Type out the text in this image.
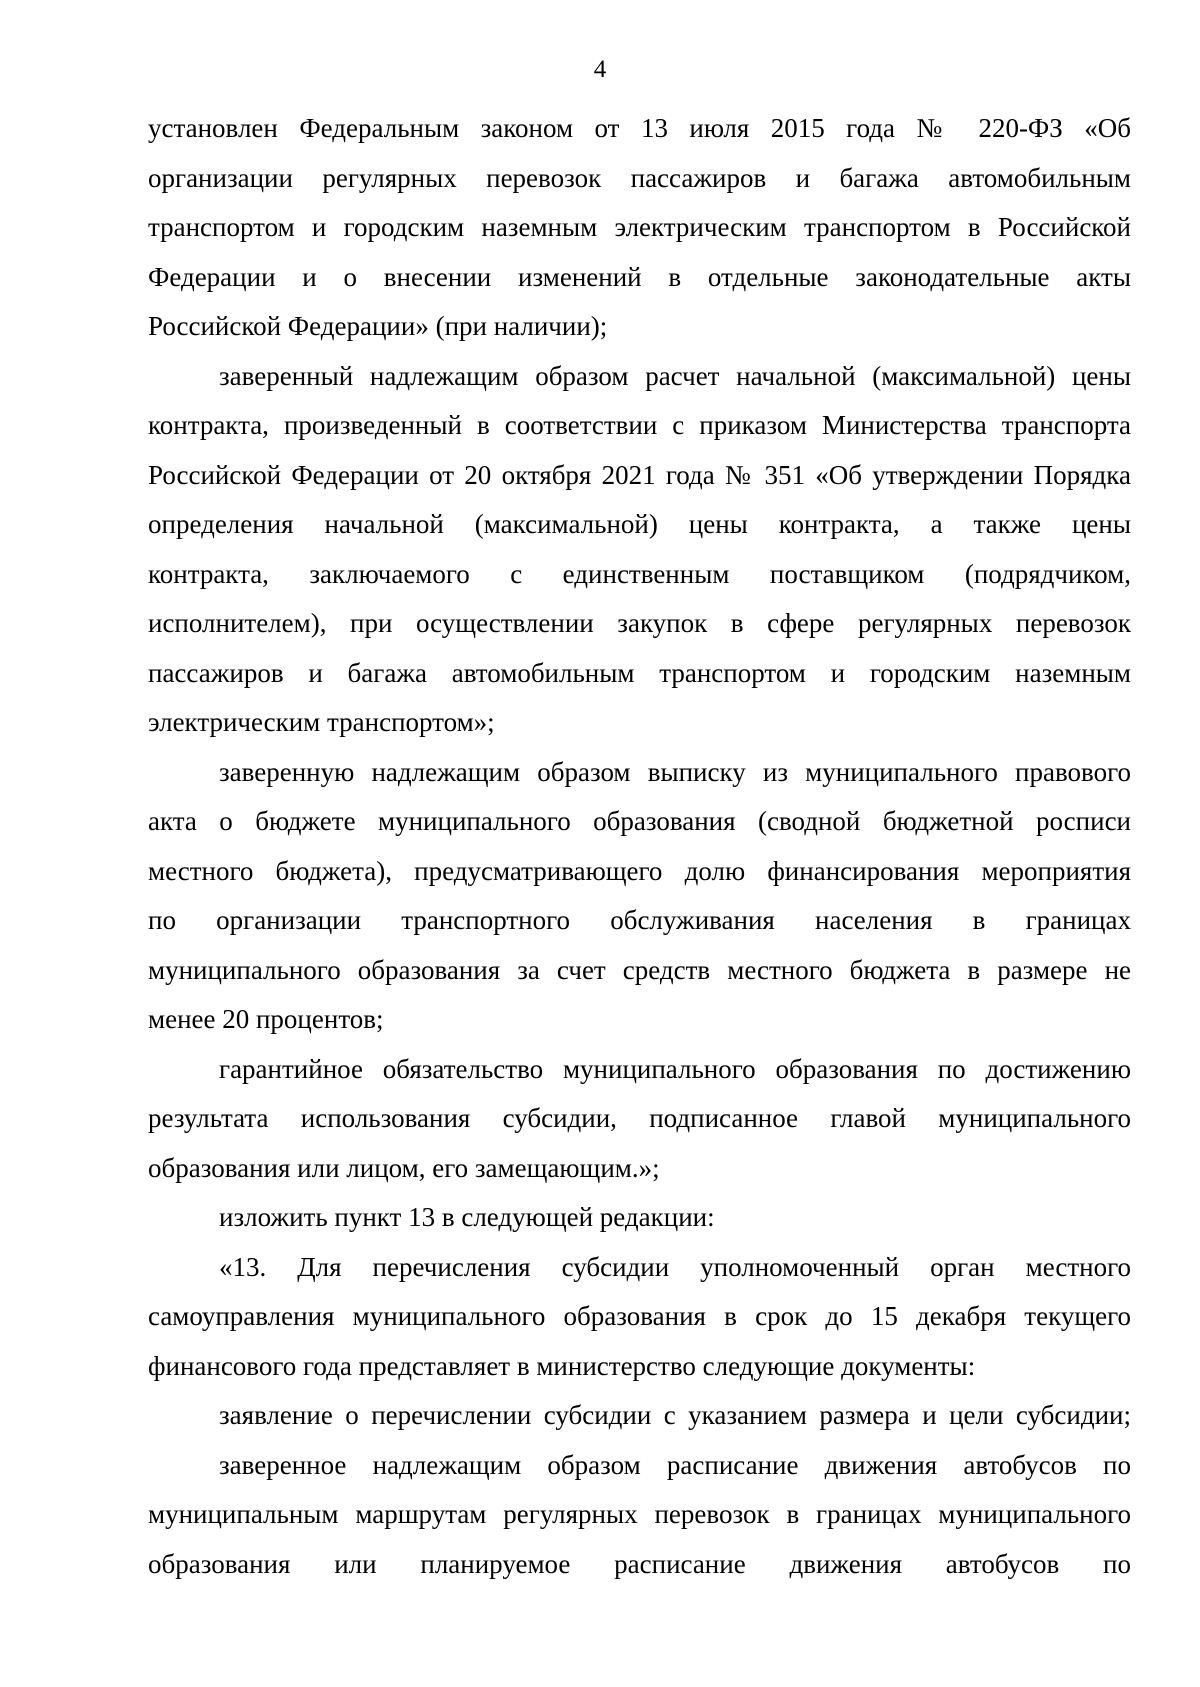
4
установлен Федеральным законом от 13 июля 2015 года № 220-ФЗ «Об
организации регулярных перевозок пассажиров и багажа автомобильным
транспортом и городским наземным электрическим транспортом в Российской
Федерации и о внесении изменений в отдельные законодательные акты
Российской Федерации» (при наличии);
заверенный надлежащим образом расчет начальной (максимальной) цены
контракта, произведенный в соответствии с приказом Министерства транспорта
Российской Федерации от 20 октября 2021 года № 351 «Об утверждении Порядка
определения начальной (максимальной) цены контракта, а также цены
контракта, заключаемого с единственным поставщиком (подрядчиком,
исполнителем), при осуществлении закупок в сфере регулярных перевозок
пассажиров и багажа автомобильным транспортом и городским наземным
электрическим транспортом»;
заверенную надлежащим образом выписку из муниципального правового
акта о бюджете муниципального образования (сводной бюджетной росписи
местного бюджета), предусматривающего долю финансирования мероприятия
по организации транспортного обслуживания населения в границах
муниципального образования за счет средств местного бюджета в размере не
менее 20 процентов;
гарантийное обязательство муниципального образования по достижению
результата использования субсидии, подписанное главой муниципального
образования или лицом, его замещающим.»;
изложить пункт 13 в следующей редакции:
«13. Для перечисления субсидии уполномоченный орган местного
самоуправления муниципального образования в срок до 15 декабря текущего
финансового года представляет в министерство следующие документы:
заявление о перечислении субсидии с указанием размера и цели субсидии;
заверенное надлежащим образом расписание движения автобусов по
муниципальным маршрутам регулярных перевозок в границах муниципального
образования или планируемое расписание движения автобусов по
